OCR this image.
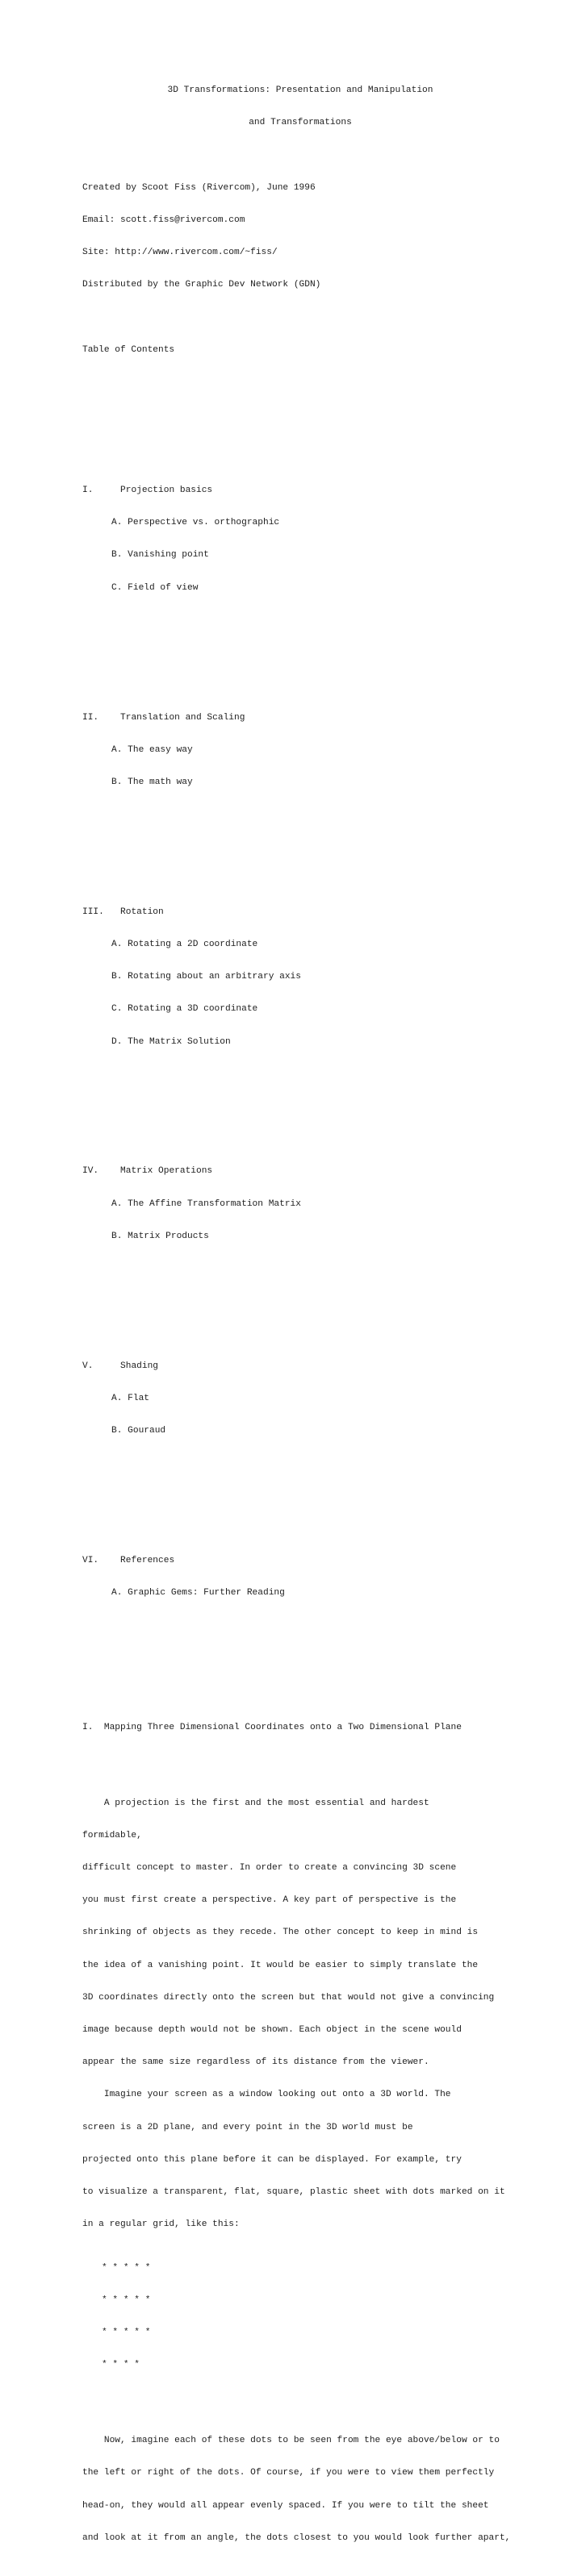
3D Transformations: Presentation and Manipulation

and Transformations

Created by Scoot Fiss (Rivercom), June 1996

Email: scott.fiss@rivercom.com

Site: http://www.rivercom.com/~fiss/

Distributed by the Graphic Dev Network (GDN)

Table of Contents

I.	Projection basics

A. Perspective vs. orthographic

B. Vanishing point

C. Field of view

II. Translation and Scaling

A. The easy way

B. The math way

III. Rotation

A. Rotating a 2D coordinate

B. Rotating about an arbitrary axis

C. Rotating a 3D coordinate

D. The Matrix Solution

IV. Matrix Operations

A. The Affine Transformation Matrix

B. Matrix Products

V.	Shading

A. Flat

B. Gouraud

VI. References

A. Graphic Gems: Further Reading

I.  Mapping Three Dimensional Coordinates onto a Two Dimensional Plane

A projection is the first and the most essential and hardest

formidable,

difficult concept to master. In order to create a convincing 3D scene

you must first create a perspective. A key part of perspective is the

shrinking of objects as they recede. The other concept to keep in mind is

the idea of a vanishing point. It would be easier to simply translate the

3D coordinates directly onto the screen but that would not give a convincing

image because depth would not be shown. Each object in the scene would

appear the same size regardless of its distance from the viewer.

Imagine your screen as a window looking out onto a 3D world. The

screen is a 2D plane, and every point in the 3D world must be

projected onto this plane before it can be displayed. For example, try

to visualize a transparent, flat, square, plastic sheet with dots marked on it

in a regular grid, like this:

* * * * *

* * * * *

* * * * *

* * * *

Now, imagine each of these dots to be seen from the eye above/below or to

the left or right of the dots. Of course, if you were to view them perfectly

head-on, they would all appear evenly spaced. If you were to tilt the sheet

and look at it from an angle, the dots closest to you would look further apart,
